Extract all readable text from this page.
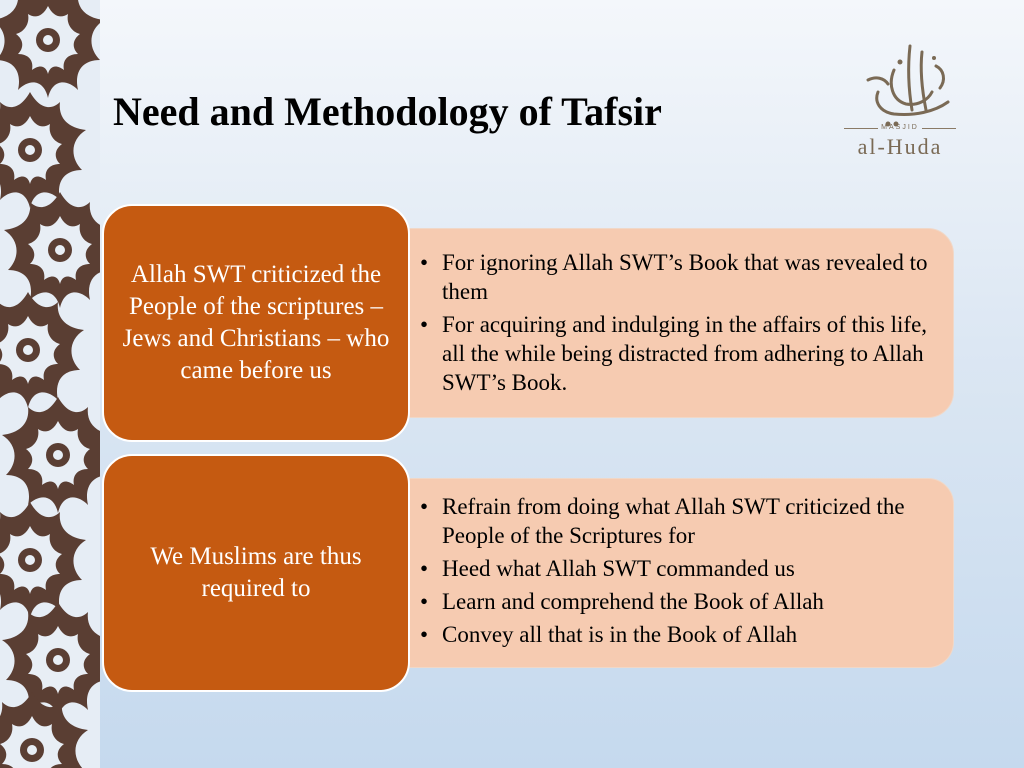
Need and Methodology of Tafsir	MASJID
al-Huda
• For ignoring Allah SWT’s Book that was revealed to them
• For acquiring and indulging in the affairs of this life, all the while being distracted from adhering to Allah SWT’s Book.
Allah SWT criticized the People of the scriptures – Jews and Christians – who came before us
• Refrain from doing what Allah SWT criticized the People of the Scriptures for
• Heed what Allah SWT commanded us
• Learn and comprehend the Book of Allah
• Convey all that is in the Book of Allah
We Muslims are thus required to
